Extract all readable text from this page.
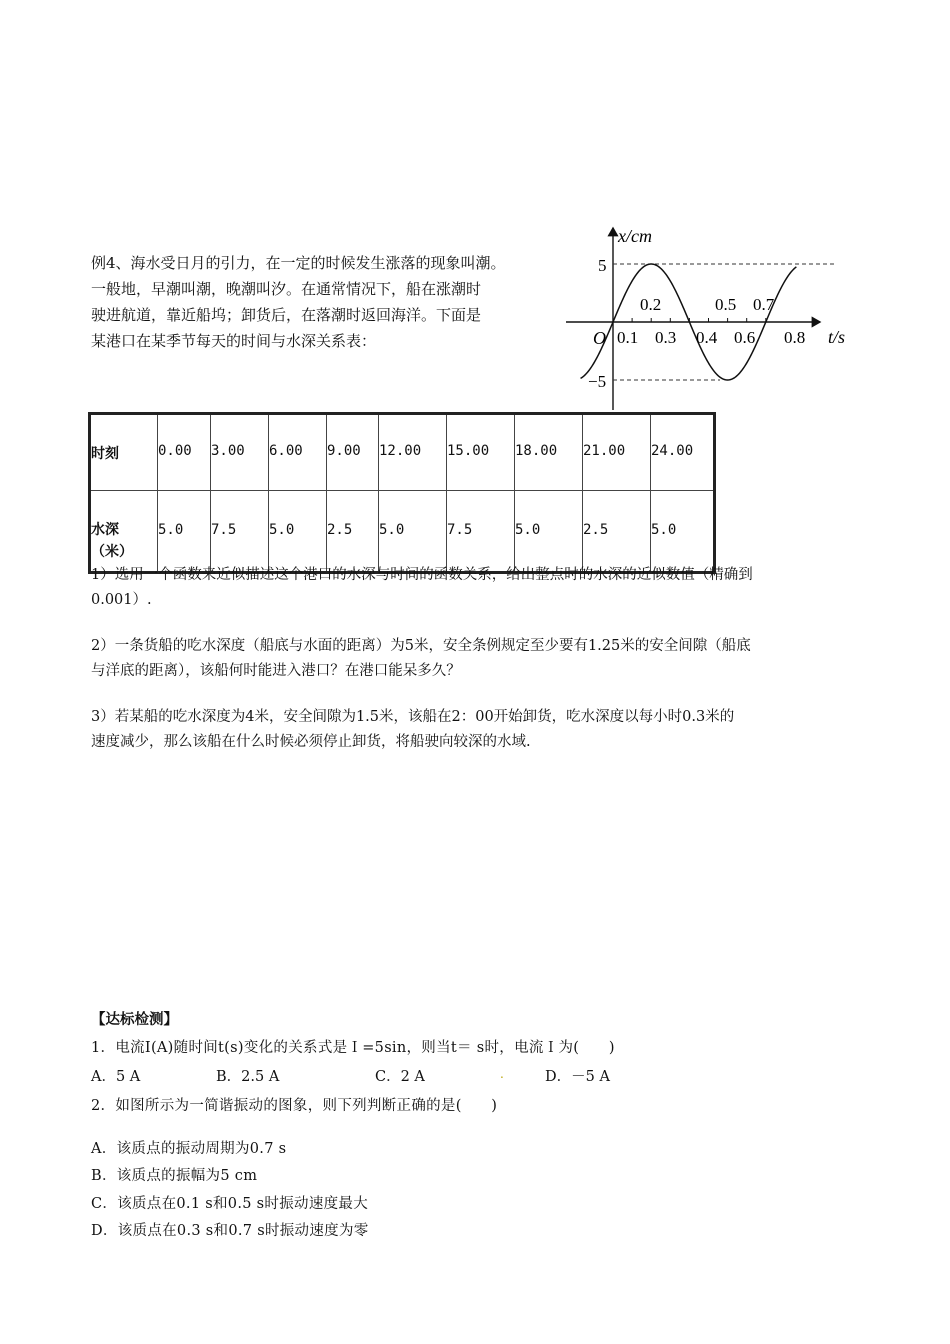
例4、海水受日月的引力，在一定的时候发生涨落的现象叫潮。
一般地，早潮叫潮，晚潮叫汐。在通常情况下，船在涨潮时
驶进航道，靠近船坞；卸货后，在落潮时返回海洋。下面是
某港口在某季节每天的时间与水深关系表：
x/cm
t/s
O
5
−5
0.1 0.3 0.4 0.6 0.8
0.2	0.5 0.7
时刻	0.00	3.00	6.00	9.00	12.00	15.00	18.00	21.00	24.00
水深
（米）	5.0	7.5	5.0	2.5	5.0	7.5	5.0	2.5	5.0
1）选用一个函数来近似描述这个港口的水深与时间的函数关系，给出整点时的水深的近似数值（精确到
0.001）.
2）一条货船的吃水深度（船底与水面的距离）为5米，安全条例规定至少要有1.25米的安全间隙（船底
与洋底的距离），该船何时能进入港口？在港口能呆多久？
3）若某船的吃水深度为4米，安全间隙为1.5米，该船在2：00开始卸货，吃水深度以每小时0.3米的
速度减少，那么该船在什么时候必须停止卸货，将船驶向较深的水域.
【达标检测】
1．电流Ⅰ(A)随时间t(s)变化的关系式是Ｉ=5sin，则当t＝ s时，电流Ｉ为(　　)
A．5 A	B．2.5 A	C．2 A	.	D．－5 A
2．如图所示为一简谐振动的图象，则下列判断正确的是(　　)
A．该质点的振动周期为0.7 s
B．该质点的振幅为5 cm
C．该质点在0.1 s和0.5 s时振动速度最大
D．该质点在0.3 s和0.7 s时振动速度为零
